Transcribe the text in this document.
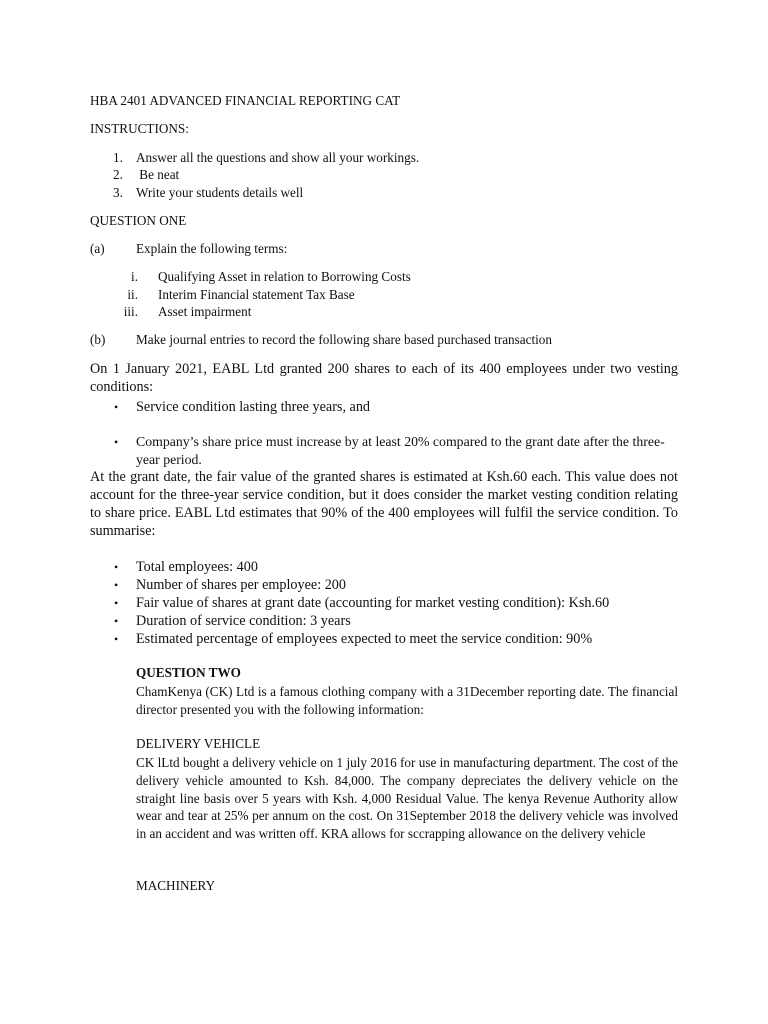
HBA 2401 ADVANCED FINANCIAL REPORTING CAT
INSTRUCTIONS:
1. Answer all the questions and show all your workings.
2. Be neat
3. Write your students details well
QUESTION ONE
(a) Explain the following terms:
i. Qualifying Asset in relation to Borrowing Costs
ii. Interim Financial statement Tax Base
iii. Asset impairment
(b) Make journal entries to record the following share based purchased transaction
On 1 January 2021, EABL Ltd granted 200 shares to each of its 400 employees under two vesting conditions:
• Service condition lasting three years, and
• Company’s share price must increase by at least 20% compared to the grant date after the three-year period.
At the grant date, the fair value of the granted shares is estimated at Ksh.60 each. This value does not account for the three-year service condition, but it does consider the market vesting condition relating to share price. EABL Ltd estimates that 90% of the 400 employees will fulfil the service condition. To summarise:
• Total employees: 400
• Number of shares per employee: 200
• Fair value of shares at grant date (accounting for market vesting condition): Ksh.60
• Duration of service condition: 3 years
• Estimated percentage of employees expected to meet the service condition: 90%
QUESTION TWO
ChamKenya (CK) Ltd is a famous clothing company with a 31December reporting date. The financial director presented you with the following information:
DELIVERY VEHICLE
CK lLtd bought a delivery vehicle on 1 july 2016 for use in manufacturing department. The cost of the delivery vehicle amounted to Ksh. 84,000. The company depreciates the delivery vehicle on the straight line basis over 5 years with Ksh. 4,000 Residual Value. The kenya Revenue Authority allow wear and tear at 25% per annum on the cost. On 31September 2018 the delivery vehicle was involved in an accident and was written off. KRA allows for sccrapping allowance on the delivery vehicle
MACHINERY
